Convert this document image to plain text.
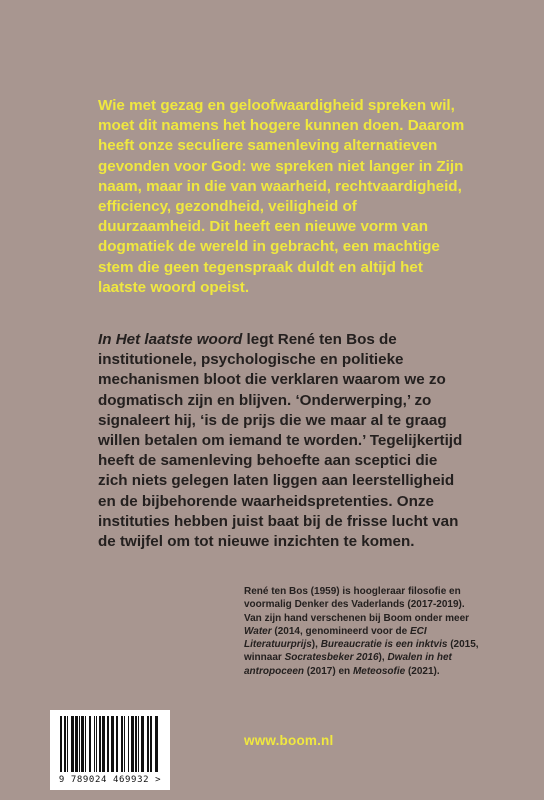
Wie met gezag en geloofwaardigheid spreken wil, moet dit namens het hogere kunnen doen. Daarom heeft onze seculiere samenleving alternatieven gevonden voor God: we spreken niet langer in Zijn naam, maar in die van waarheid, rechtvaardigheid, efficiency, gezondheid, veiligheid of duurzaamheid. Dit heeft een nieuwe vorm van dogmatiek de wereld in gebracht, een machtige stem die geen tegenspraak duldt en altijd het laatste woord opeist.

In Het laatste woord legt René ten Bos de institutionele, psychologische en politieke mechanismen bloot die verklaren waarom we zo dogmatisch zijn en blijven. ‘Onderwerping,’ zo signaleert hij, ‘is de prijs die we maar al te graag willen betalen om iemand te worden.’ Tegelijkertijd heeft de samenleving behoefte aan sceptici die zich niets gelegen laten liggen aan leerstelligheid en de bijbehorende waarheidspretenties. Onze instituties hebben juist baat bij de frisse lucht van de twijfel om tot nieuwe inzichten te komen.

René ten Bos (1959) is hoogleraar filosofie en voormalig Denker des Vaderlands (2017-2019). Van zijn hand verschenen bij Boom onder meer Water (2014, genomineerd voor de ECI Literatuurprijs), Bureaucratie is een inktvis (2015, winnaar Socratesbeker 2016), Dwalen in het antropoceen (2017) en Meteosofie (2021).

9 789024 469932 >
www.boom.nl
